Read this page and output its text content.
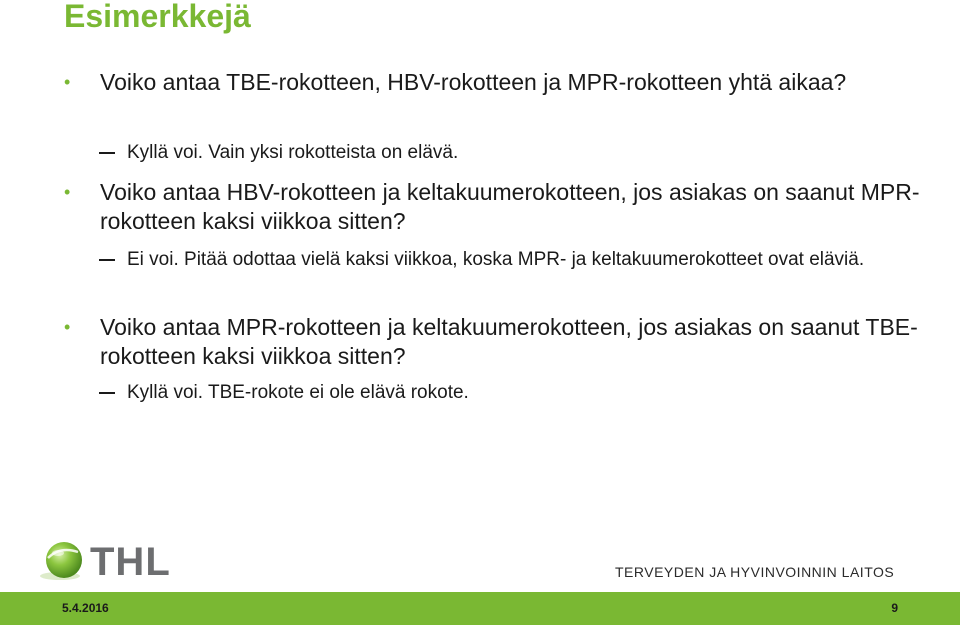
Esimerkkejä
• Voiko antaa TBE-rokotteen, HBV-rokotteen ja MPR-rokotteen yhtä aikaa?
Kyllä voi. Vain yksi rokotteista on elävä.
• Voiko antaa HBV-rokotteen ja keltakuumerokotteen, jos asiakas on saanut MPR-rokotteen kaksi viikkoa sitten?
Ei voi. Pitää odottaa vielä kaksi viikkoa, koska MPR- ja keltakuumerokotteet ovat eläviä.
• Voiko antaa MPR-rokotteen ja keltakuumerokotteen, jos asiakas on saanut TBE-rokotteen kaksi viikkoa sitten?
Kyllä voi. TBE-rokote ei ole elävä rokote.
THL	TERVEYDEN JA HYVINVOINNIN LAITOS
5.4.2016	9
